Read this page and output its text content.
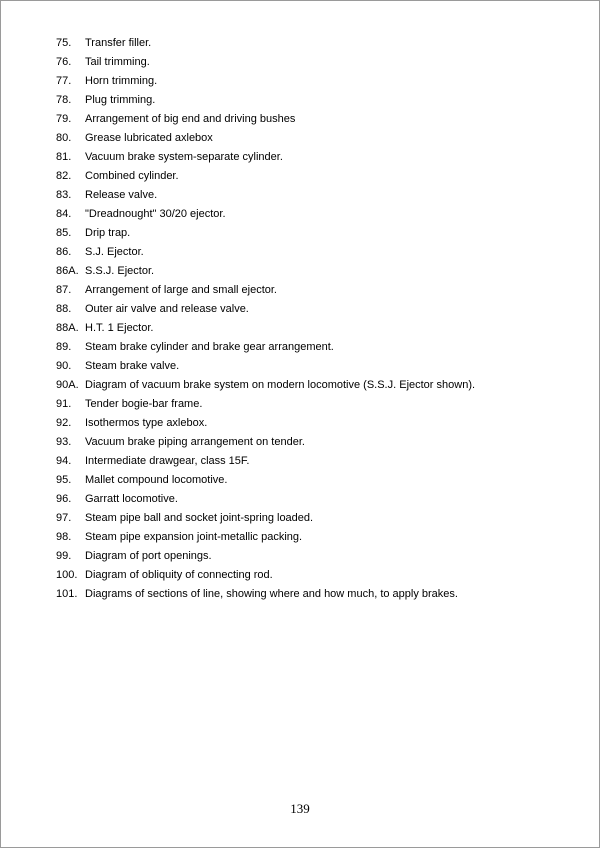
75. Transfer filler.
76. Tail trimming.
77. Horn trimming.
78. Plug trimming.
79. Arrangement of big end and driving bushes
80. Grease lubricated axlebox
81. Vacuum brake system-separate cylinder.
82. Combined cylinder.
83. Release valve.
84. "Dreadnought" 30/20 ejector.
85. Drip trap.
86. S.J. Ejector.
86A. S.S.J. Ejector.
87. Arrangement of large and small ejector.
88. Outer air valve and release valve.
88A. H.T. 1 Ejector.
89. Steam brake cylinder and brake gear arrangement.
90. Steam brake valve.
90A. Diagram of vacuum brake system on modern locomotive (S.S.J. Ejector shown).
91. Tender bogie-bar frame.
92. Isothermos type axlebox.
93. Vacuum brake piping arrangement on tender.
94. Intermediate drawgear, class 15F.
95. Mallet compound locomotive.
96. Garratt locomotive.
97. Steam pipe ball and socket joint-spring loaded.
98. Steam pipe expansion joint-metallic packing.
99. Diagram of port openings.
100. Diagram of obliquity of connecting rod.
101. Diagrams of sections of line, showing where and how much, to apply brakes.
139
